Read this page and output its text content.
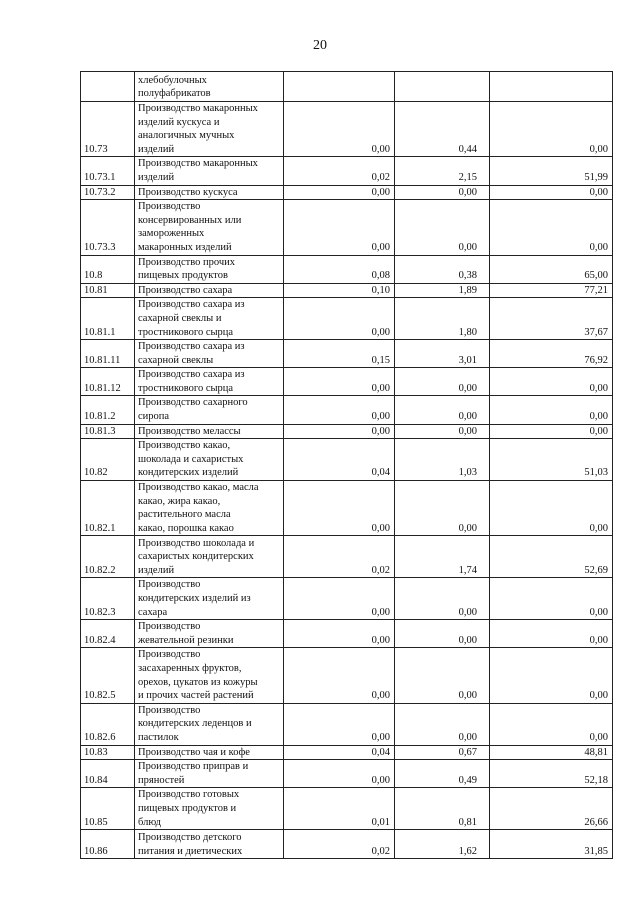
20
	хлебобулочных
полуфабрикатов			
10.73	Производство макаронных
изделий кускуса и
аналогичных мучных
изделий	0,00	0,44	0,00
10.73.1	Производство макаронных
изделий	0,02	2,15	51,99
10.73.2	Производство кускуса	0,00	0,00	0,00
10.73.3	Производство
консервированных или
замороженных
макаронных изделий	0,00	0,00	0,00
10.8	Производство прочих
пищевых продуктов	0,08	0,38	65,00
10.81	Производство сахара	0,10	1,89	77,21
10.81.1	Производство сахара из
сахарной свеклы и
тростникового сырца	0,00	1,80	37,67
10.81.11	Производство сахара из
сахарной свеклы	0,15	3,01	76,92
10.81.12	Производство сахара из
тростникового сырца	0,00	0,00	0,00
10.81.2	Производство сахарного
сиропа	0,00	0,00	0,00
10.81.3	Производство мелассы	0,00	0,00	0,00
10.82	Производство какао,
шоколада и сахаристых
кондитерских изделий	0,04	1,03	51,03
10.82.1	Производство какао, масла
какао, жира какао,
растительного масла
какао, порошка какао	0,00	0,00	0,00
10.82.2	Производство шоколада и
сахаристых кондитерских
изделий	0,02	1,74	52,69
10.82.3	Производство
кондитерских изделий из
сахара	0,00	0,00	0,00
10.82.4	Производство
жевательной резинки	0,00	0,00	0,00
10.82.5	Производство
засахаренных фруктов,
орехов, цукатов из кожуры
и прочих частей растений	0,00	0,00	0,00
10.82.6	Производство
кондитерских леденцов и
пастилок	0,00	0,00	0,00
10.83	Производство чая и кофе	0,04	0,67	48,81
10.84	Производство приправ и
пряностей	0,00	0,49	52,18
10.85	Производство готовых
пищевых продуктов и
блюд	0,01	0,81	26,66
10.86	Производство детского
питания и диетических	0,02	1,62	31,85
